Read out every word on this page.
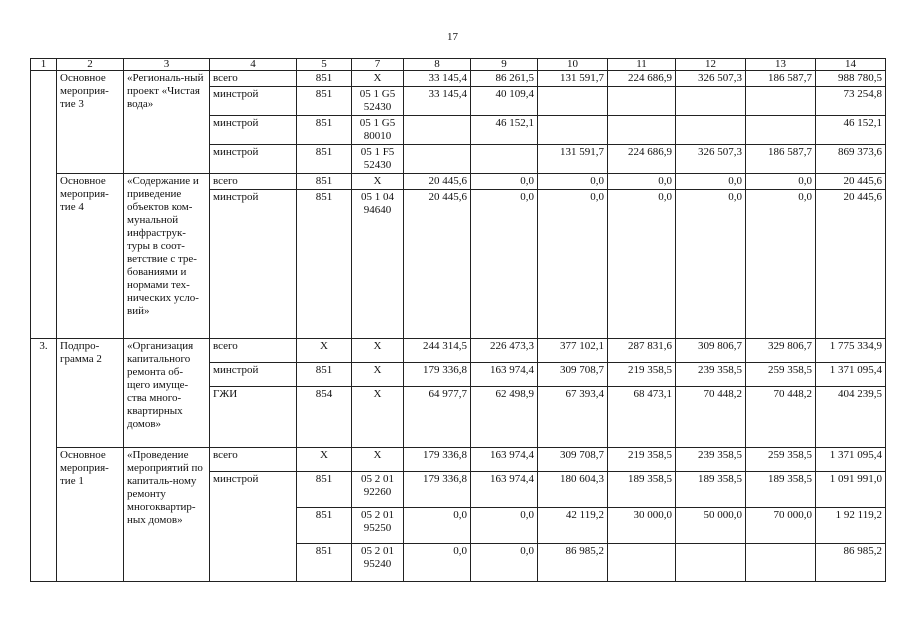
17
1	2	3	4	5	7	8	9	10	11	12	13	14
	Основное мероприя-тие 3	«Региональ-ный проект «Чистая вода»	всего	851	X	33 145,4	86 261,5	131 591,7	224 686,9	326 507,3	186 587,7	988 780,5
			минстрой	851	05 1 G5 52430	33 145,4	40 109,4					73 254,8
			минстрой	851	05 1 G5 80010		46 152,1					46 152,1
			минстрой	851	05 1 F5 52430			131 591,7	224 686,9	326 507,3	186 587,7	869 373,6
	Основное мероприя-тие 4	«Содержание и приведение объектов ком-мунальной инфраструк-туры в соот-ветствие с тре-бованиями и нормами тех-нических усло-вий»	всего	851	X	20 445,6	0,0	0,0	0,0	0,0	0,0	20 445,6
			минстрой	851	05 1 04 94640	20 445,6	0,0	0,0	0,0	0,0	0,0	20 445,6
3.	Подпро-грамма 2	«Организация капитального ремонта об-щего имуще-ства много-квартирных домов»	всего	X	X	244 314,5	226 473,3	377 102,1	287 831,6	309 806,7	329 806,7	1 775 334,9
			минстрой	851	X	179 336,8	163 974,4	309 708,7	219 358,5	239 358,5	259 358,5	1 371 095,4
			ГЖИ	854	X	64 977,7	62 498,9	67 393,4	68 473,1	70 448,2	70 448,2	404 239,5
	Основное мероприя-тие 1	«Проведение мероприятий по капиталь-ному ремонту многоквартир-ных домов»	всего	X	X	179 336,8	163 974,4	309 708,7	219 358,5	239 358,5	259 358,5	1 371 095,4
			минстрой	851	05 2 01 92260	179 336,8	163 974,4	180 604,3	189 358,5	189 358,5	189 358,5	1 091 991,0
				851	05 2 01 95250	0,0	0,0	42 119,2	30 000,0	50 000,0	70 000,0	1 92 119,2
				851	05 2 01 95240	0,0	0,0	86 985,2				86 985,2
